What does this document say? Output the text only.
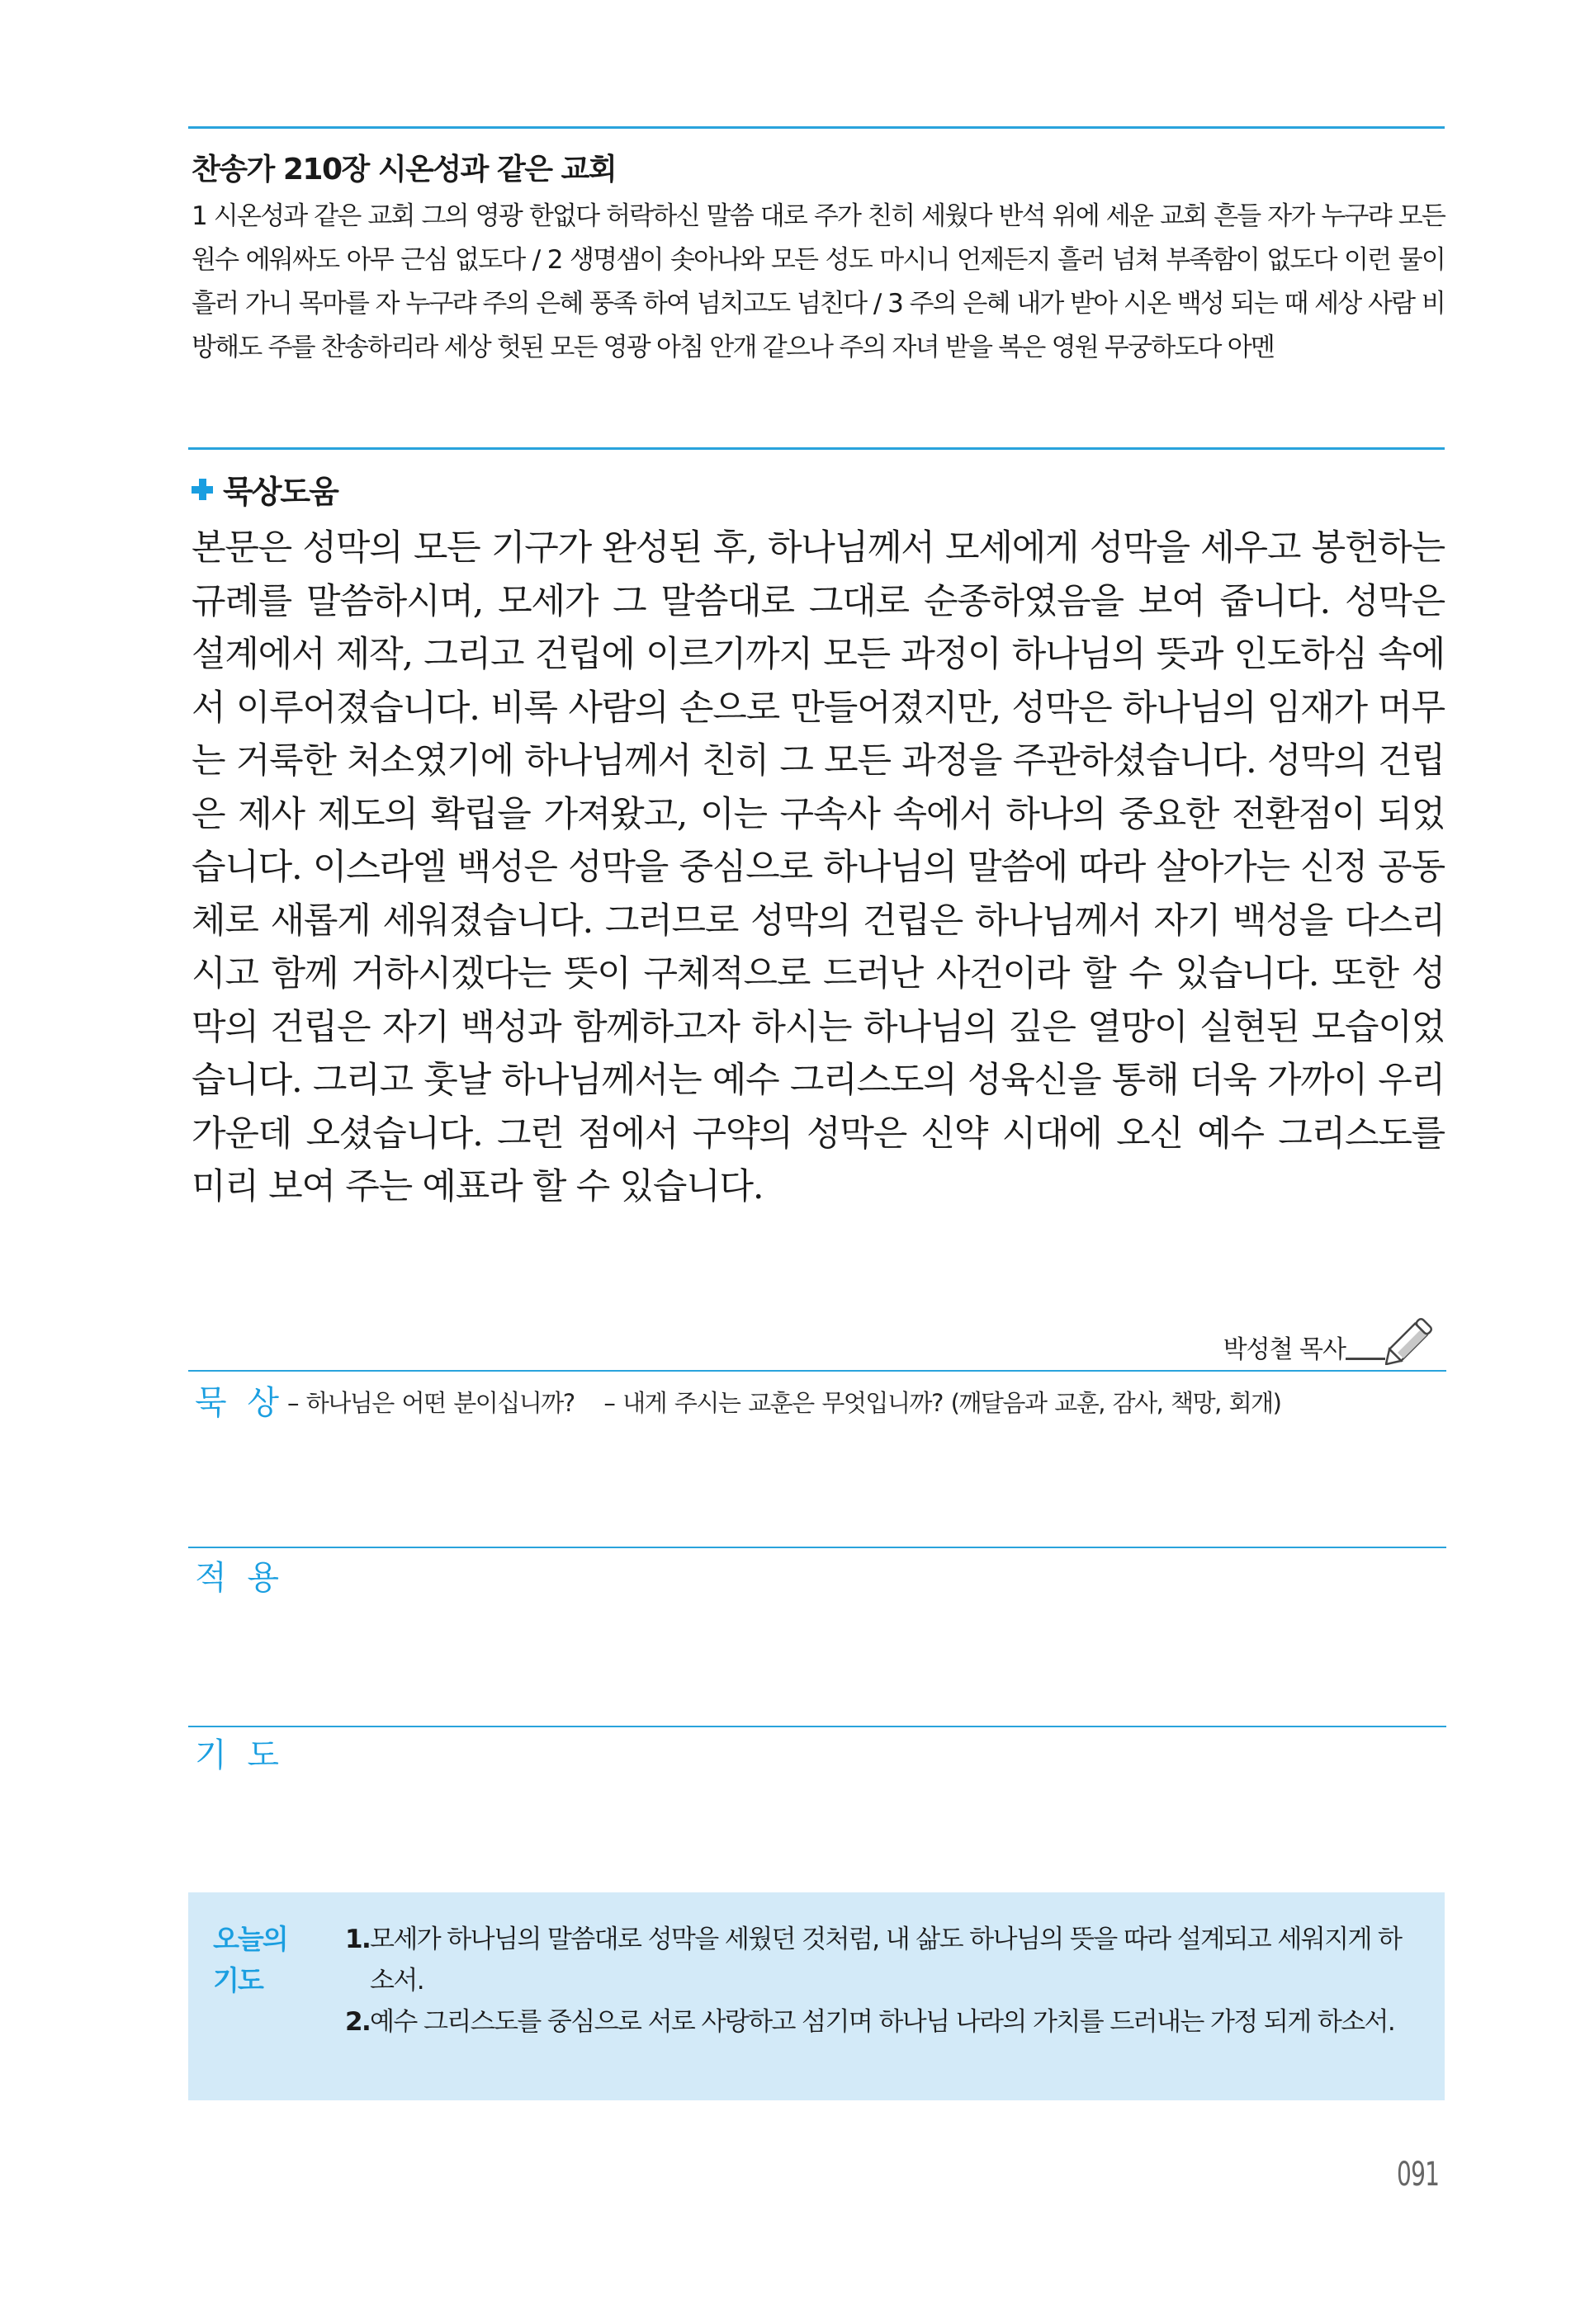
찬송가 210장 시온성과 같은 교회

1 시온성과 같은 교회 그의 영광 한없다 허락하신 말씀 대로 주가 친히 세웠다 반석 위에 세운 교회 흔들 자가 누구랴 모든 원수 에워싸도 아무 근심 없도다 / 2 생명샘이 솟아나와 모든 성도 마시니 언제든지 흘러 넘쳐 부족함이 없도다 이런 물이 흘러 가니 목마를 자 누구랴 주의 은혜 풍족 하여 넘치고도 넘친다 / 3 주의 은혜 내가 받아 시온 백성 되는 때 세상 사람 비방해도 주를 찬송하리라 세상 헛된 모든 영광 아침 안개 같으나 주의 자녀 받을 복은 영원 무궁하도다 아멘

묵상도움

본문은 성막의 모든 기구가 완성된 후, 하나님께서 모세에게 성막을 세우고 봉헌하는 규례를 말씀하시며, 모세가 그 말씀대로 그대로 순종하였음을 보여 줍니다. 성막은 설계에서 제작, 그리고 건립에 이르기까지 모든 과정이 하나님의 뜻과 인도하심 속에서 이루어졌습니다. 비록 사람의 손으로 만들어졌지만, 성막은 하나님의 임재가 머무는 거룩한 처소였기에 하나님께서 친히 그 모든 과정을 주관하셨습니다. 성막의 건립은 제사 제도의 확립을 가져왔고, 이는 구속사 속에서 하나의 중요한 전환점이 되었습니다. 이스라엘 백성은 성막을 중심으로 하나님의 말씀에 따라 살아가는 신정 공동체로 새롭게 세워졌습니다. 그러므로 성막의 건립은 하나님께서 자기 백성을 다스리시고 함께 거하시겠다는 뜻이 구체적으로 드러난 사건이라 할 수 있습니다. 또한 성막의 건립은 자기 백성과 함께하고자 하시는 하나님의 깊은 열망이 실현된 모습이었습니다. 그리고 훗날 하나님께서는 예수 그리스도의 성육신을 통해 더욱 가까이 우리 가운데 오셨습니다. 그런 점에서 구약의 성막은 신약 시대에 오신 예수 그리스도를 미리 보여 주는 예표라 할 수 있습니다.

박성철 목사
묵 상 – 하나님은 어떤 분이십니까? – 내게 주시는 교훈은 무엇입니까? (깨달음과 교훈, 감사, 책망, 회개)
적 용
기 도
오늘의 기도
1. 모세가 하나님의 말씀대로 성막을 세웠던 것처럼, 내 삶도 하나님의 뜻을 따라 설계되고 세워지게 하소서.
2. 예수 그리스도를 중심으로 서로 사랑하고 섬기며 하나님 나라의 가치를 드러내는 가정 되게 하소서.
091
